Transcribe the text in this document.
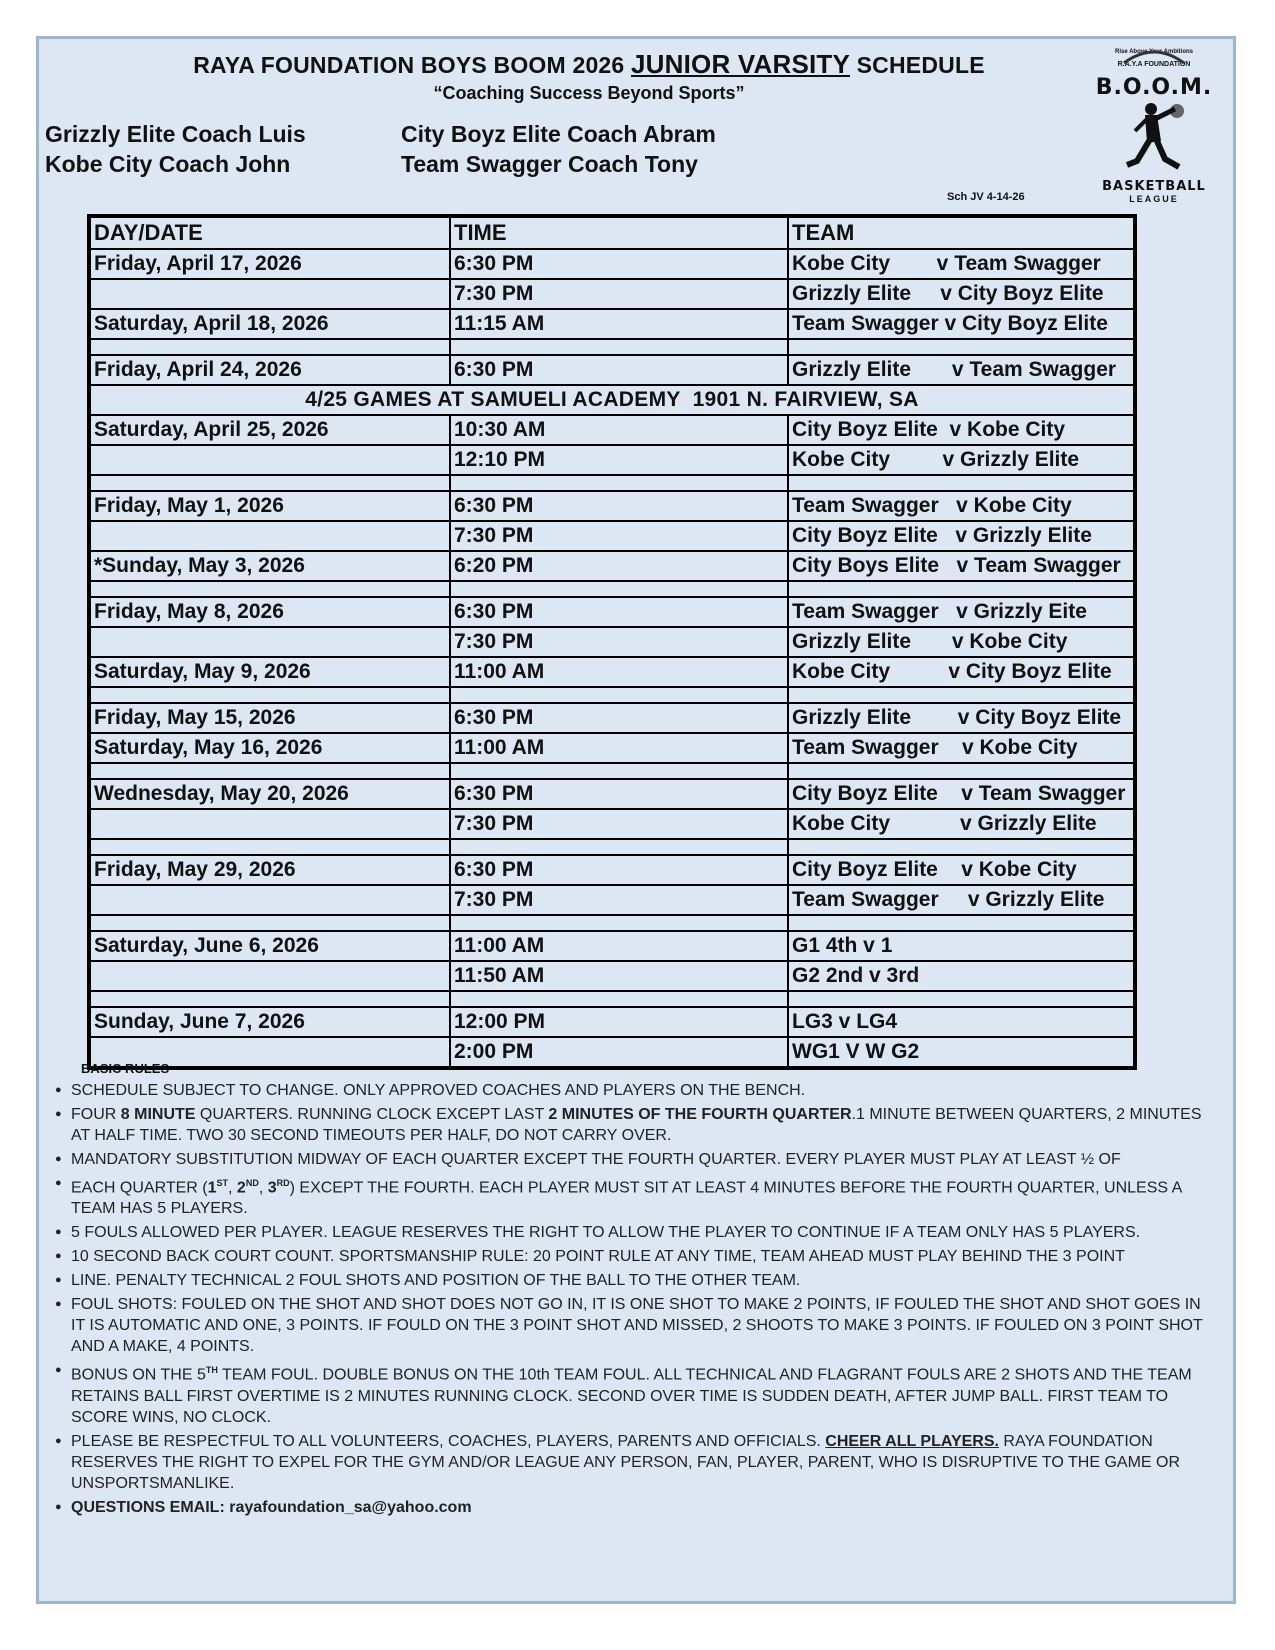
RAYA FOUNDATION BOYS BOOM 2026 JUNIOR VARSITY SCHEDULE
“Coaching Success Beyond Sports”
Grizzly Elite Coach Luis	City Boyz Elite Coach Abram
Kobe City Coach John	Team Swagger Coach Tony
Sch JV 4-14-26
Rise Above Your Ambitions
R.A.Y.A FOUNDATION
B.O.O.M.
BASKETBALL
LEAGUE
DAY/DATE	TIME	TEAM
Friday, April 17, 2026	6:30 PM	Kobe City        v Team Swagger
	7:30 PM	Grizzly Elite     v City Boyz Elite
Saturday, April 18, 2026	11:15 AM	Team Swagger v City Boyz Elite

Friday, April 24, 2026	6:30 PM	Grizzly Elite       v Team Swagger
4/25 GAMES AT SAMUELI ACADEMY  1901 N. FAIRVIEW, SA		
Saturday, April 25, 2026	10:30 AM	City Boyz Elite  v Kobe City
	12:10 PM	Kobe City         v Grizzly Elite

Friday, May 1, 2026	6:30 PM	Team Swagger   v Kobe City
	7:30 PM	City Boyz Elite   v Grizzly Elite
*Sunday, May 3, 2026	6:20 PM	City Boys Elite   v Team Swagger

Friday, May 8, 2026	6:30 PM	Team Swagger   v Grizzly Eite
	7:30 PM	Grizzly Elite       v Kobe City
Saturday, May 9, 2026	11:00 AM	Kobe City          v City Boyz Elite

Friday, May 15, 2026	6:30 PM	Grizzly Elite        v City Boyz Elite
Saturday, May 16, 2026	11:00 AM	Team Swagger    v Kobe City

Wednesday, May 20, 2026	6:30 PM	City Boyz Elite    v Team Swagger
	7:30 PM	Kobe City            v Grizzly Elite

Friday, May 29, 2026	6:30 PM	City Boyz Elite    v Kobe City
	7:30 PM	Team Swagger     v Grizzly Elite

Saturday, June 6, 2026	11:00 AM	G1 4th v 1
	11:50 AM	G2 2nd v 3rd

Sunday, June 7, 2026	12:00 PM	LG3 v LG4
	2:00 PM	WG1 V W G2
BASIC RULES
● SCHEDULE SUBJECT TO CHANGE. ONLY APPROVED COACHES AND PLAYERS ON THE BENCH.
● FOUR 8 MINUTE QUARTERS. RUNNING CLOCK EXCEPT LAST 2 MINUTES OF THE FOURTH QUARTER.1 MINUTE BETWEEN QUARTERS, 2 MINUTES AT HALF TIME. TWO 30 SECOND TIMEOUTS PER HALF, DO NOT CARRY OVER.
● MANDATORY SUBSTITUTION MIDWAY OF EACH QUARTER EXCEPT THE FOURTH QUARTER. EVERY PLAYER MUST PLAY AT LEAST ½ OF
● EACH QUARTER (1ST, 2ND, 3RD) EXCEPT THE FOURTH. EACH PLAYER MUST SIT AT LEAST 4 MINUTES BEFORE THE FOURTH QUARTER, UNLESS A TEAM HAS 5 PLAYERS.
● 5 FOULS ALLOWED PER PLAYER. LEAGUE RESERVES THE RIGHT TO ALLOW THE PLAYER TO CONTINUE IF A TEAM ONLY HAS 5 PLAYERS.
● 10 SECOND BACK COURT COUNT. SPORTSMANSHIP RULE: 20 POINT RULE AT ANY TIME, TEAM AHEAD MUST PLAY BEHIND THE 3 POINT
● LINE. PENALTY TECHNICAL 2 FOUL SHOTS AND POSITION OF THE BALL TO THE OTHER TEAM.
● FOUL SHOTS: FOULED ON THE SHOT AND SHOT DOES NOT GO IN, IT IS ONE SHOT TO MAKE 2 POINTS, IF FOULED THE SHOT AND SHOT GOES IN IT IS AUTOMATIC AND ONE, 3 POINTS. IF FOULD ON THE 3 POINT SHOT AND MISSED, 2 SHOOTS TO MAKE 3 POINTS. IF FOULED ON 3 POINT SHOT AND A MAKE, 4 POINTS.
● BONUS ON THE 5TH TEAM FOUL. DOUBLE BONUS ON THE 10th TEAM FOUL. ALL TECHNICAL AND FLAGRANT FOULS ARE 2 SHOTS AND THE TEAM RETAINS BALL FIRST OVERTIME IS 2 MINUTES RUNNING CLOCK. SECOND OVER TIME IS SUDDEN DEATH, AFTER JUMP BALL. FIRST TEAM TO SCORE WINS, NO CLOCK.
● PLEASE BE RESPECTFUL TO ALL VOLUNTEERS, COACHES, PLAYERS, PARENTS AND OFFICIALS. CHEER ALL PLAYERS. RAYA FOUNDATION RESERVES THE RIGHT TO EXPEL FOR THE GYM AND/OR LEAGUE ANY PERSON, FAN, PLAYER, PARENT, WHO IS DISRUPTIVE TO THE GAME OR UNSPORTSMANLIKE.
● QUESTIONS EMAIL: rayafoundation_sa@yahoo.com
